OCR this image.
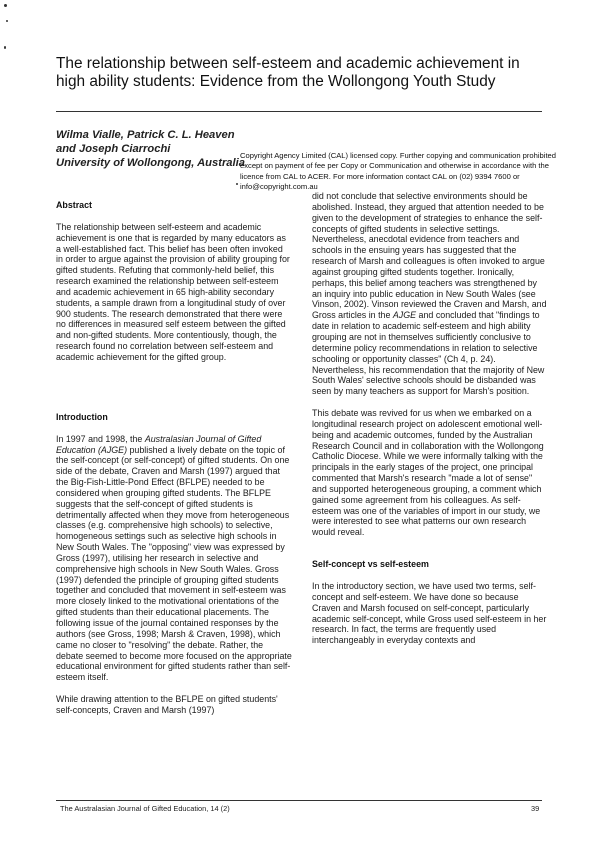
The relationship between self-esteem and academic achievement in high ability students: Evidence from the Wollongong Youth Study
Wilma Vialle, Patrick C. L. Heaven and Joseph Ciarrochi
University of Wollongong, Australia
Copyright Agency Limited (CAL) licensed copy. Further copying and communication prohibited except on payment of fee per Copy or Communication and otherwise in accordance with the licence from CAL to ACER. For more information contact CAL on (02) 9394 7600 or info@copyright.com.au
Abstract

The relationship between self-esteem and academic achievement is one that is regarded by many educators as a well-established fact. This belief has been often invoked in order to argue against the provision of ability grouping for gifted students. Refuting that commonly-held belief, this research examined the relationship between self-esteem and academic achievement in 65 high-ability secondary students, a sample drawn from a longitudinal study of over 900 students. The research demonstrated that there were no differences in measured self esteem between the gifted and non-gifted students. More contentiously, though, the research found no correlation between self-esteem and academic achievement for the gifted group.

Introduction

In 1997 and 1998, the Australasian Journal of Gifted Education (AJGE) published a lively debate on the topic of the self-concept (or self-concept) of gifted students. On one side of the debate, Craven and Marsh (1997) argued that the Big-Fish-Little-Pond Effect (BFLPE) needed to be considered when grouping gifted students. The BFLPE suggests that the self-concept of gifted students is detrimentally affected when they move from heterogeneous classes (e.g. comprehensive high schools) to selective, homogeneous settings such as selective high schools in New South Wales. The "opposing" view was expressed by Gross (1997), utilising her research in selective and comprehensive high schools in New South Wales. Gross (1997) defended the principle of grouping gifted students together and concluded that movement in self-esteem was more closely linked to the motivational orientations of the gifted students than their educational placements. The following issue of the journal contained responses by the authors (see Gross, 1998; Marsh & Craven, 1998), which came no closer to "resolving" the debate. Rather, the debate seemed to become more focused on the appropriate educational environment for gifted students rather than self-esteem itself.

While drawing attention to the BFLPE on gifted students' self-concepts, Craven and Marsh (1997)

did not conclude that selective environments should be abolished. Instead, they argued that attention needed to be given to the development of strategies to enhance the self-concepts of gifted students in selective settings. Nevertheless, anecdotal evidence from teachers and schools in the ensuing years has suggested that the research of Marsh and colleagues is often invoked to argue against grouping gifted students together. Ironically, perhaps, this belief among teachers was strengthened by an inquiry into public education in New South Wales (see Vinson, 2002). Vinson reviewed the Craven and Marsh, and Gross articles in the AJGE and concluded that "findings to date in relation to academic self-esteem and high ability grouping are not in themselves sufficiently conclusive to determine policy recommendations in relation to selective schooling or opportunity classes" (Ch 4, p. 24). Nevertheless, his recommendation that the majority of New South Wales' selective schools should be disbanded was seen by many teachers as support for Marsh's position.

This debate was revived for us when we embarked on a longitudinal research project on adolescent emotional well-being and academic outcomes, funded by the Australian Research Council and in collaboration with the Wollongong Catholic Diocese. While we were informally talking with the principals in the early stages of the project, one principal commented that Marsh's research "made a lot of sense" and supported heterogeneous grouping, a comment which gained some agreement from his colleagues. As self-esteem was one of the variables of import in our study, we were interested to see what patterns our own research would reveal.

Self-concept vs self-esteem

In the introductory section, we have used two terms, self-concept and self-esteem. We have done so because Craven and Marsh focused on self-concept, particularly academic self-concept, while Gross used self-esteem in her research. In fact, the terms are frequently used interchangeably in everyday contexts and

The Australasian Journal of Gifted Education, 14 (2)	39
